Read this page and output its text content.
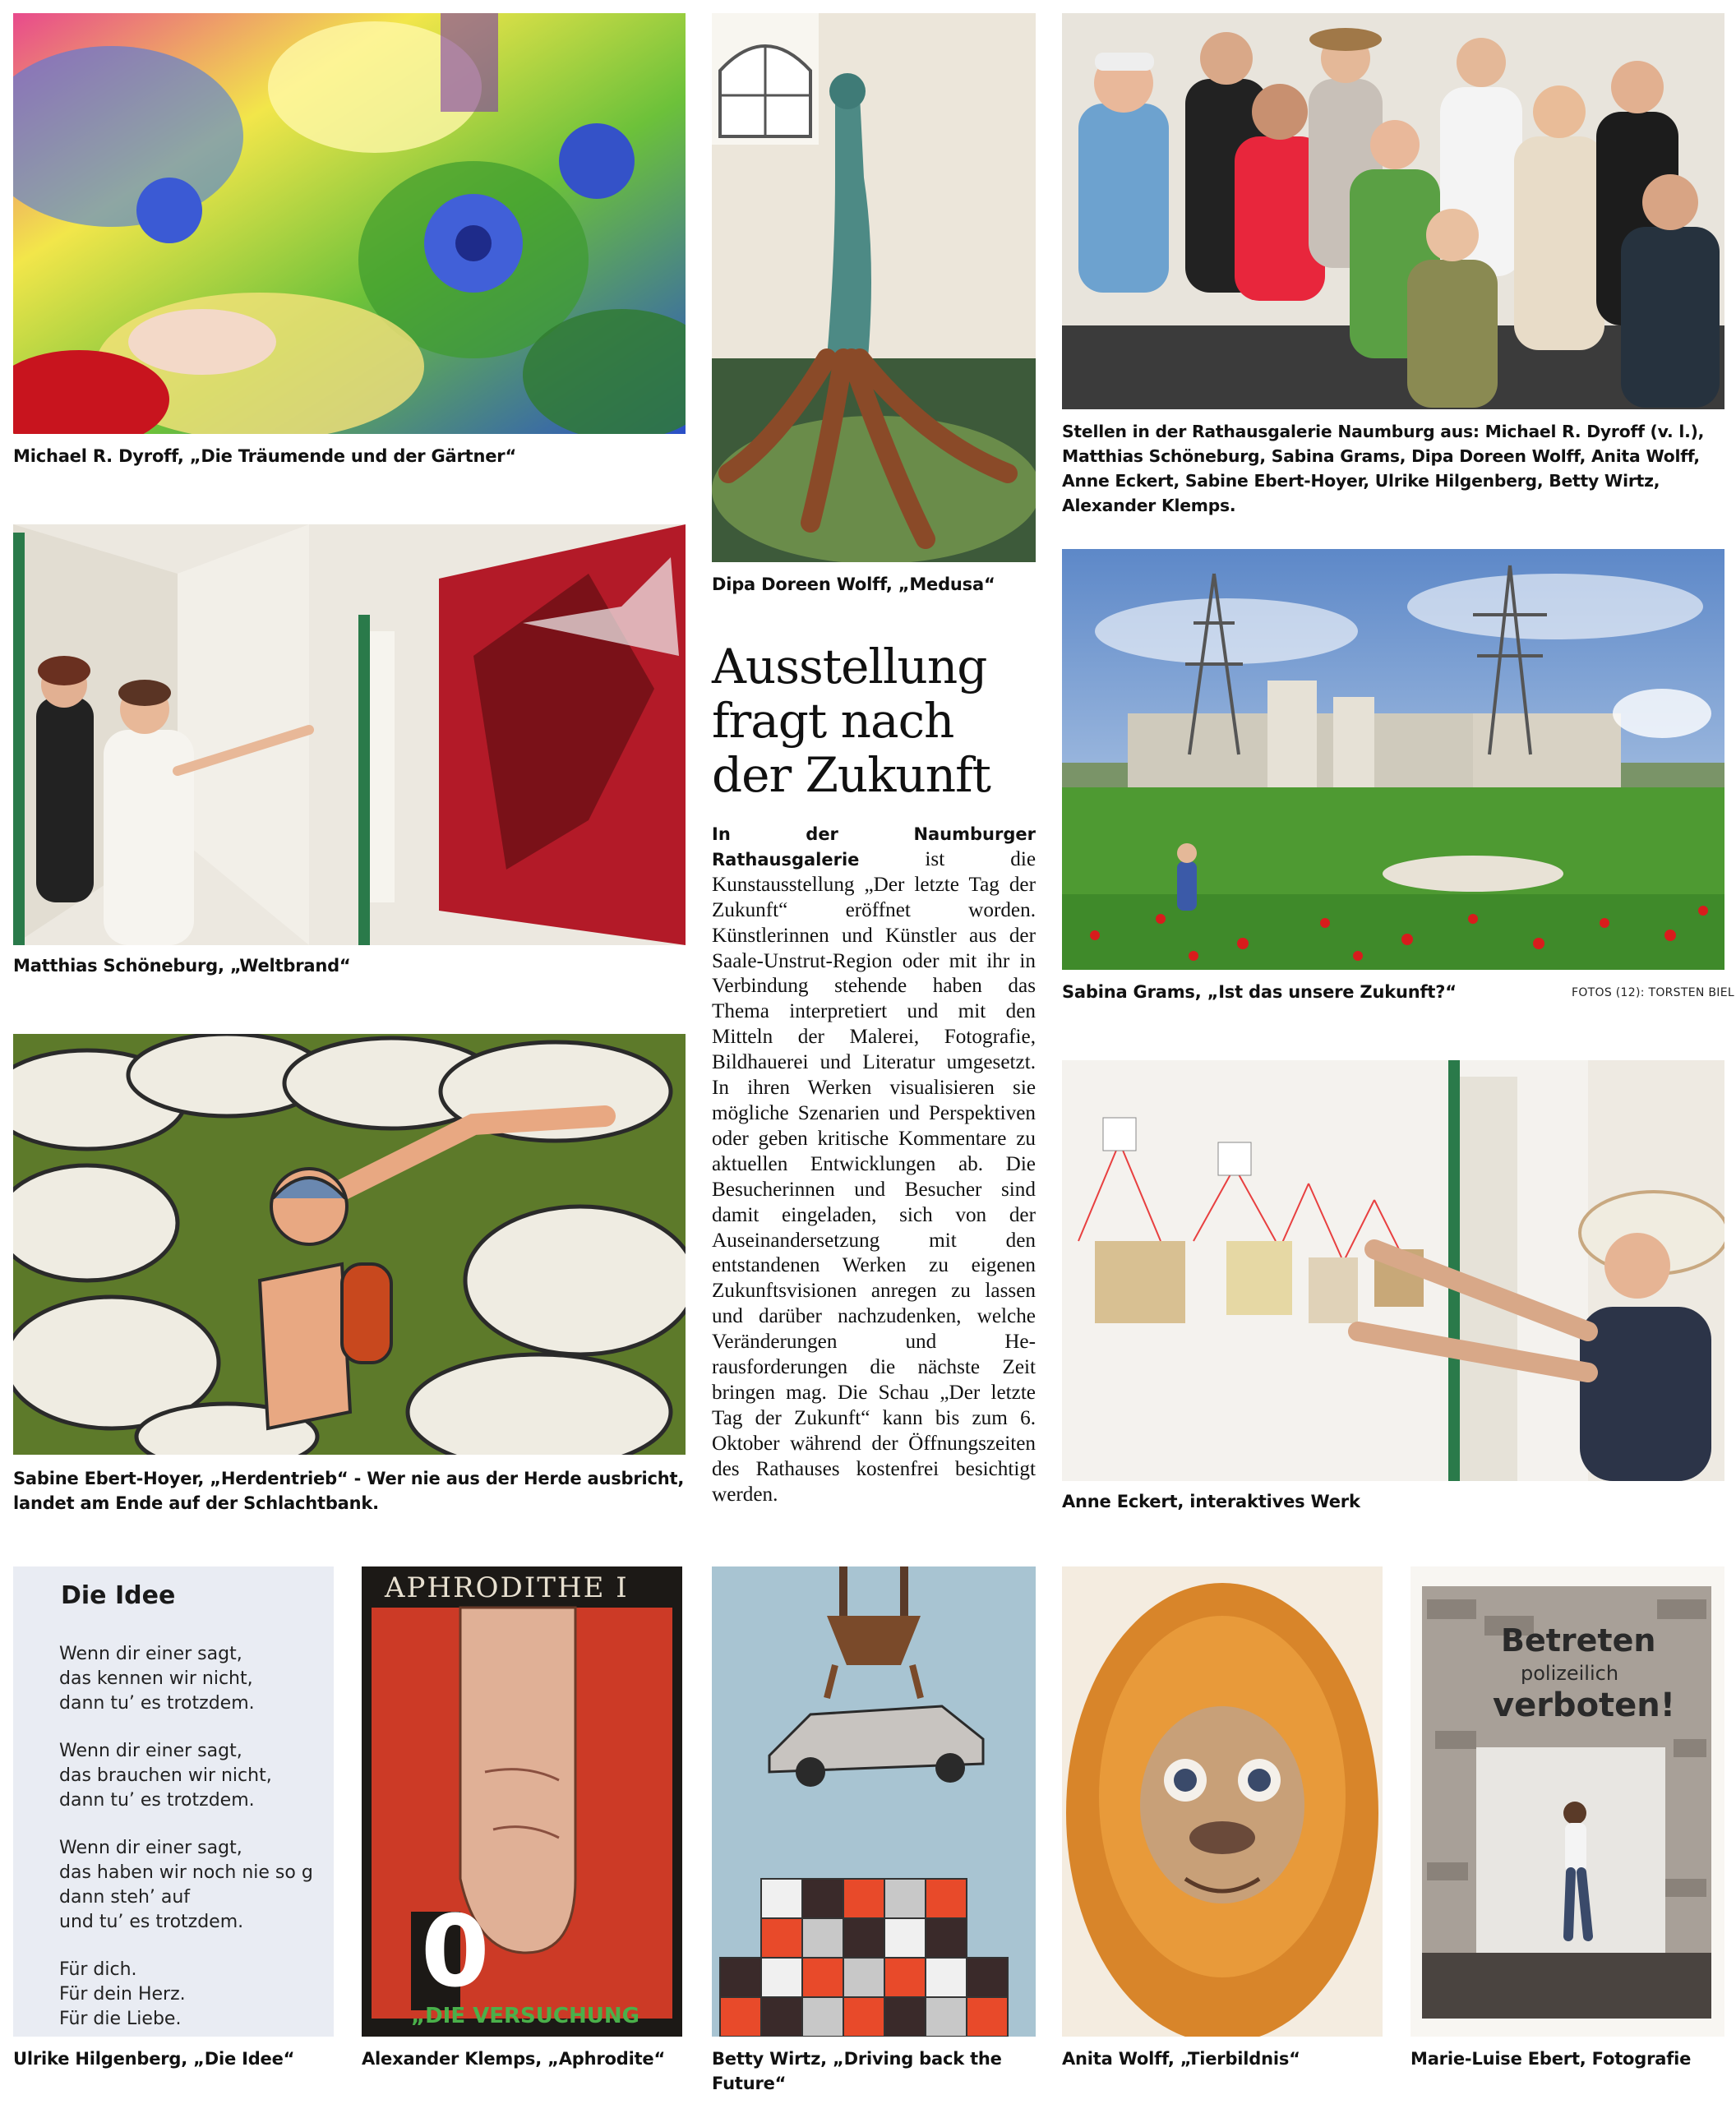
Michael R. Dyroff, „Die Träumende und der Gärtner“
Dipa Doreen Wolff, „Medusa“
Stellen in der Rathausgalerie Naumburg aus: Michael R. Dyroff (v. l.), Matthias Schöneburg, Sabina Grams, Dipa Doreen Wolff, Anita Wolff, Anne Eckert, Sabine Ebert-Hoyer, Ulrike Hilgenberg, Betty Wirtz, Alexander Klemps.
Matthias Schöneburg, „Weltbrand“
Ausstellung fragt nach der Zukunft
In der Naumburger Rathausgalerie	ist die Kunstausstellung „Der letzte Tag der Zukunft“ eröffnet worden. Künstlerinnen und Künstler aus der Saale-Unstrut-Region oder mit ihr in Verbindung stehende haben das Thema interpretiert und mit den Mitteln der Malerei, Fotografie, Bildhauerei und Literatur umgesetzt. In ihren Werken visualisieren sie mögliche Szenarien und Perspektiven oder geben kritische Kommentare zu aktuellen Entwicklungen ab. Die Besucherinnen und Besucher sind damit eingeladen, sich von der Auseinandersetzung mit den entstandenen Werken zu eigenen Zukunftsvisionen anregen zu lassen und darüber nachzudenken, welche Veränderungen und Herausforderungen die nächste Zeit bringen mag. Die Schau „Der letzte Tag der Zukunft“ kann bis zum 6. Oktober während der Öffnungszeiten des Rathauses kostenfrei besichtigt werden.
Sabina Grams, „Ist das unsere Zukunft?“	FOTOS (12): TORSTEN BIEL
Sabine Ebert-Hoyer, „Herdentrieb“ - Wer nie aus der Herde ausbricht, landet am Ende auf der Schlachtbank.	Anne Eckert, interaktives Werk
Die Idee
Wenn dir einer sagt,
das kennen wir nicht,
dann tu’ es trotzdem.
Wenn dir einer sagt,
das brauchen wir nicht,
dann tu’ es trotzdem.
Wenn dir einer sagt,
das haben wir noch nie so g
dann steh’ auf
und tu’ es trotzdem.
Für dich.
Für dein Herz.
Für die Liebe.
Ulrike Hilgenberg, „Die Idee“
APHRODITHE I
0
„DIE VERSUCHUNG
Alexander Klemps, „Aphrodite“	Betty Wirtz, „Driving back the Future“
Anita Wolff, „Tierbildnis“
Betreten
polizeilich
verboten!
Marie-Luise Ebert, Fotografie
